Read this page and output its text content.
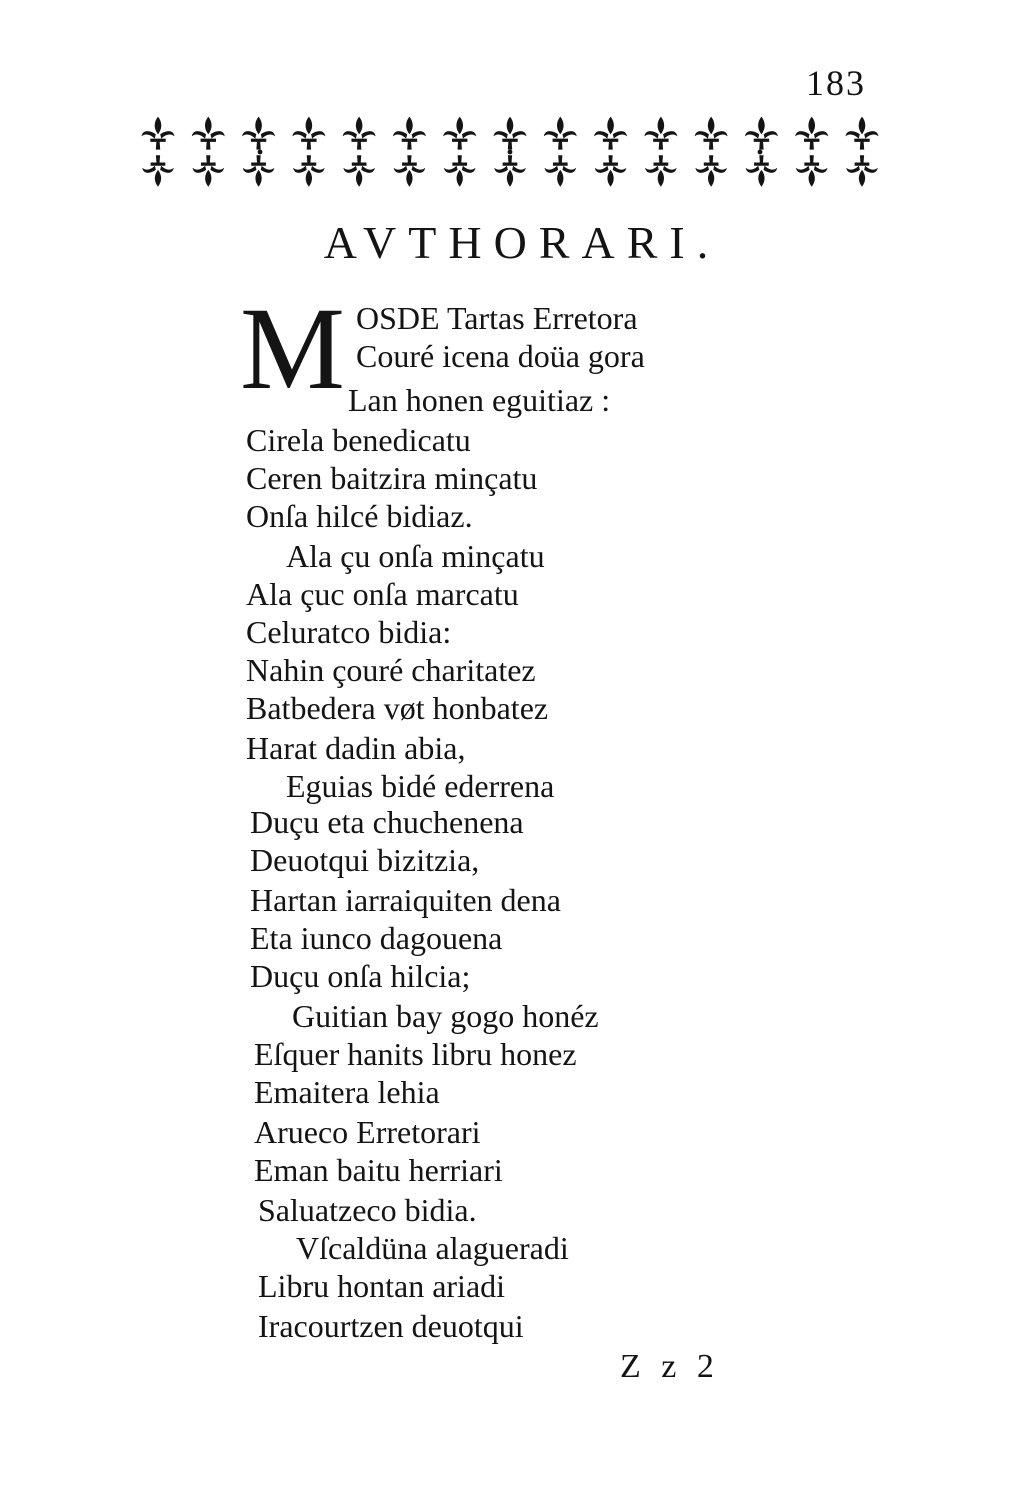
183
AVTHORARI.
M OSDE Tartas Erretora
Couré icena doüa gora
Lan honen eguitiaz :
Cirela benedicatu
Ceren baitzira minçatu
Onſa hilcé bidiaz.
Ala çu onſa minçatu
Ala çuc onſa marcatu
Celuratco bidia:
Nahin çouré charitatez
Batbedera vøt honbatez
Harat dadin abia,
Eguias bidé ederrena
Duçu eta chuchenena
Deuotqui bizitzia,
Hartan iarraiquiten dena
Eta iunco dagouena
Duçu onſa hilcia;
Guitian bay gogo honéz
Eſquer hanits libru honez
Emaitera lehia
Arueco Erretorari
Eman baitu herriari
Saluatzeco bidia.
Vſcaldüna alagueradi
Libru hontan ariadi
Iracourtzen deuotqui
Z z 2
